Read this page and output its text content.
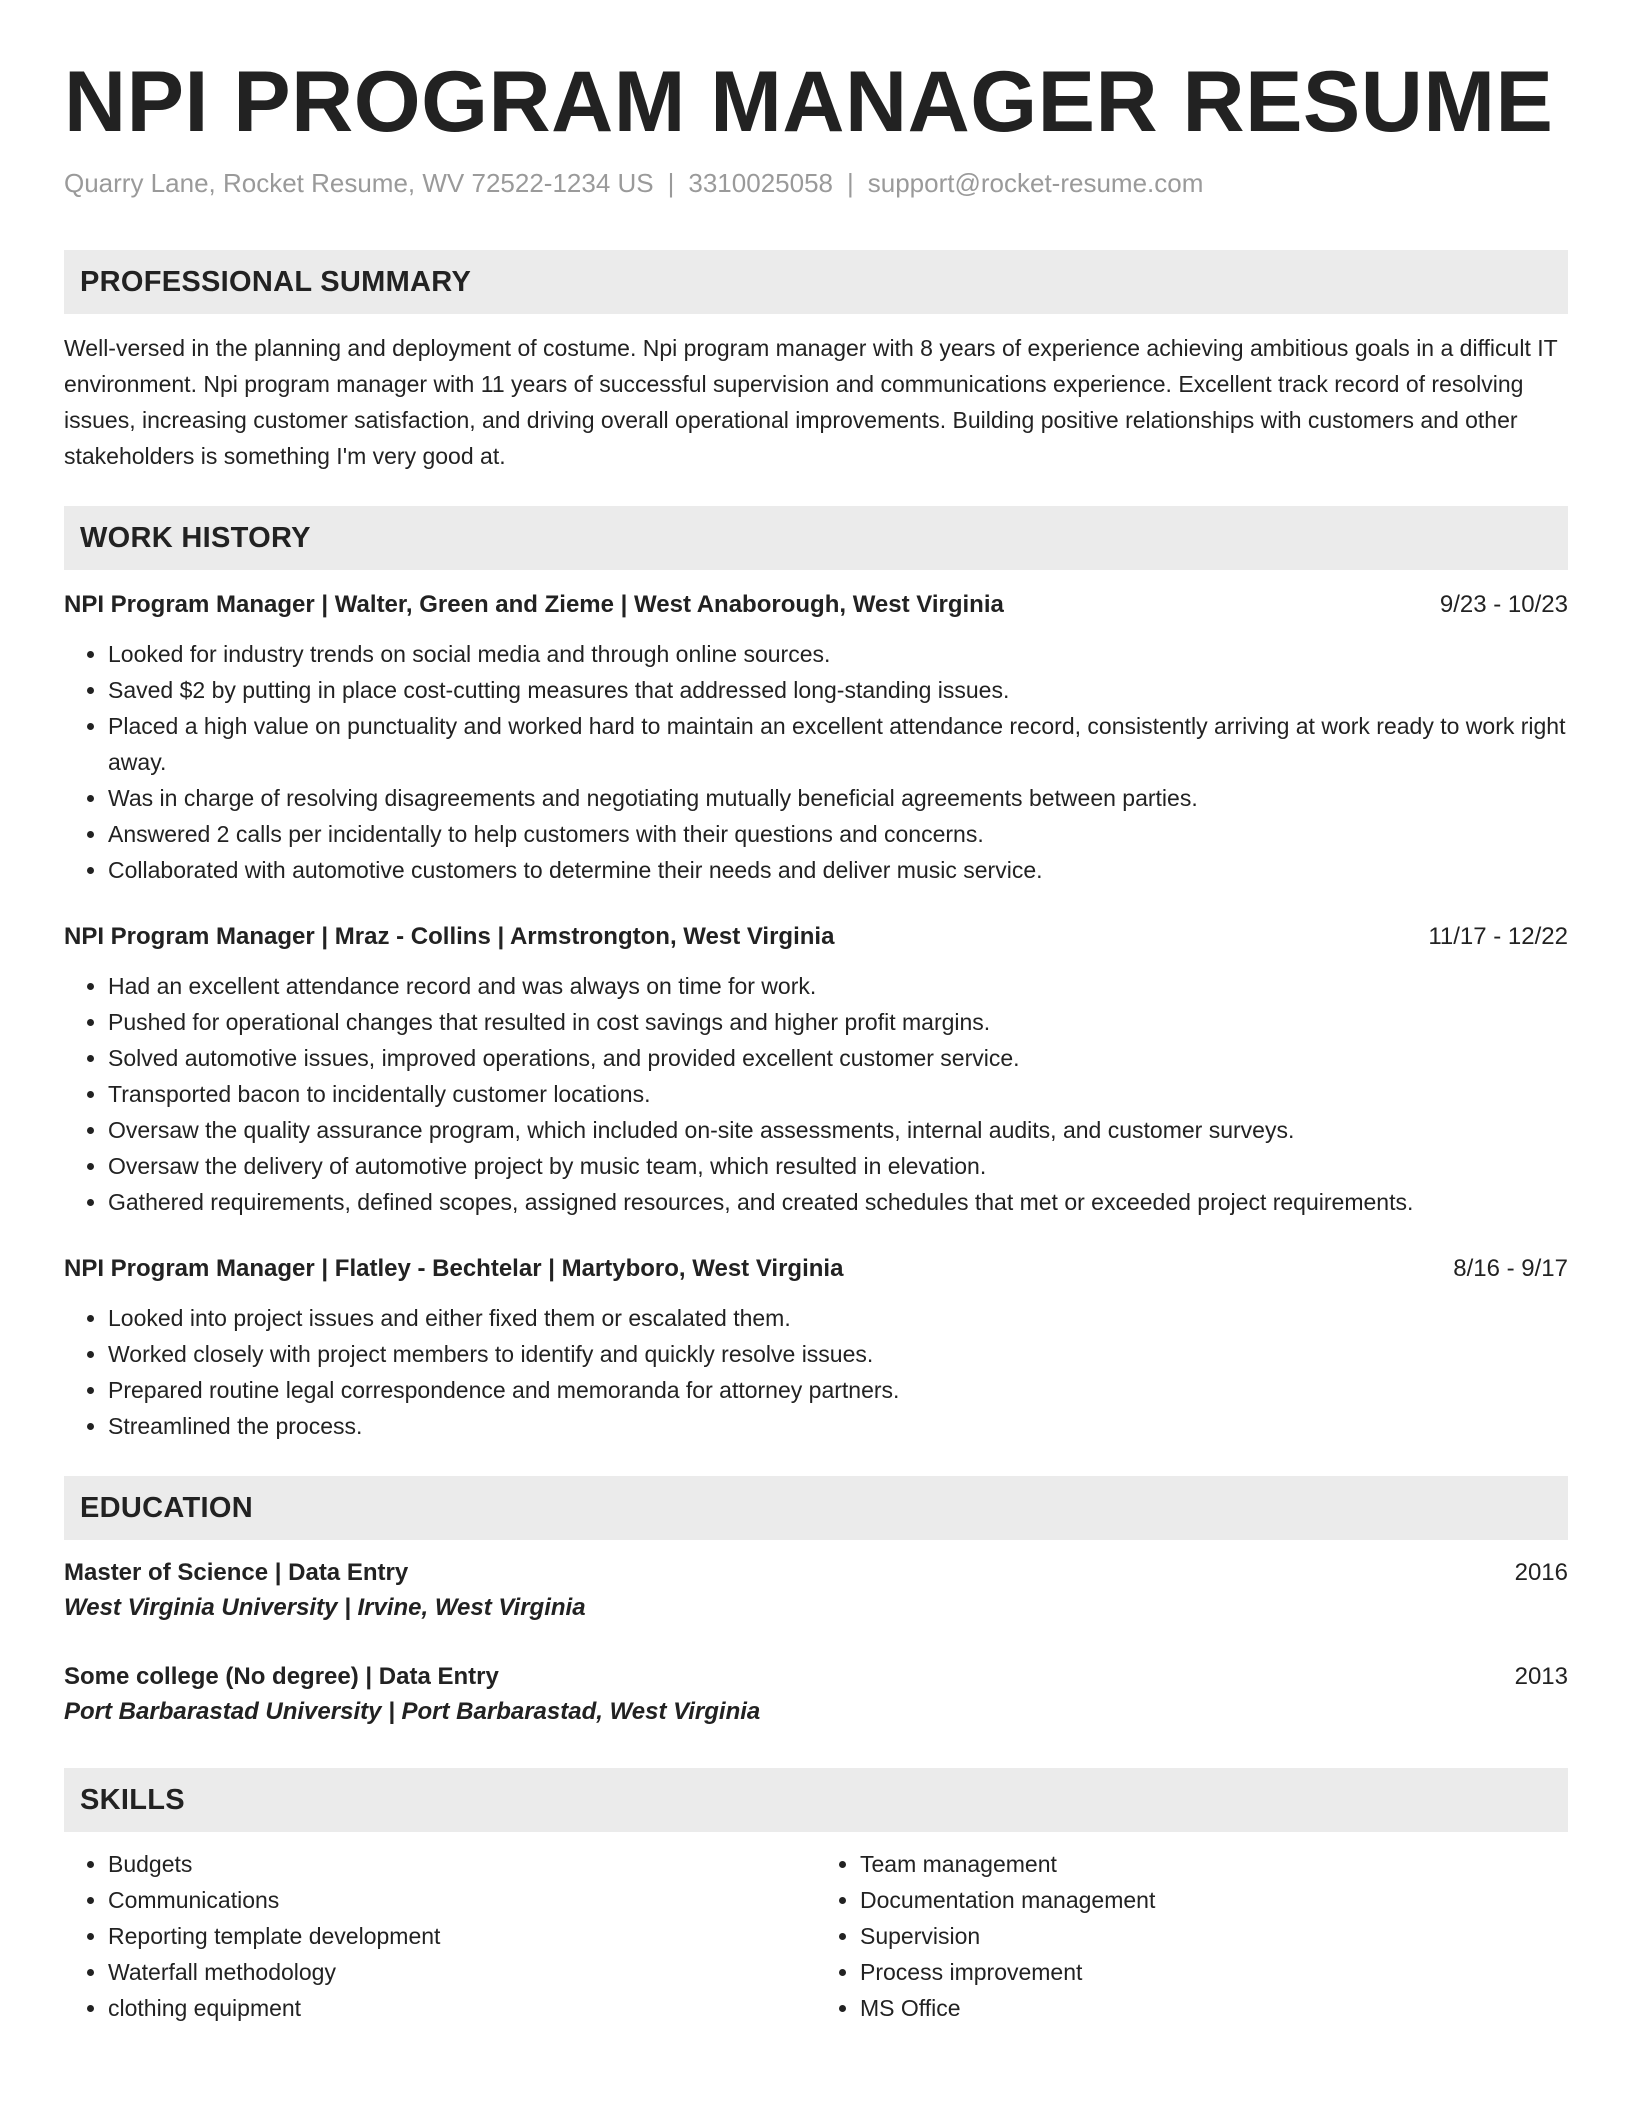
NPI PROGRAM MANAGER RESUME
Quarry Lane, Rocket Resume, WV 72522-1234 US | 3310025058 | support@rocket-resume.com
PROFESSIONAL SUMMARY
Well-versed in the planning and deployment of costume. Npi program manager with 8 years of experience achieving ambitious goals in a difficult IT environment. Npi program manager with 11 years of successful supervision and communications experience. Excellent track record of resolving issues, increasing customer satisfaction, and driving overall operational improvements. Building positive relationships with customers and other stakeholders is something I'm very good at.
WORK HISTORY
NPI Program Manager | Walter, Green and Zieme | West Anaborough, West Virginia	9/23 - 10/23
• Looked for industry trends on social media and through online sources.
• Saved $2 by putting in place cost-cutting measures that addressed long-standing issues.
• Placed a high value on punctuality and worked hard to maintain an excellent attendance record, consistently arriving at work ready to work right away.
• Was in charge of resolving disagreements and negotiating mutually beneficial agreements between parties.
• Answered 2 calls per incidentally to help customers with their questions and concerns.
• Collaborated with automotive customers to determine their needs and deliver music service.
NPI Program Manager | Mraz - Collins | Armstrongton, West Virginia	11/17 - 12/22
• Had an excellent attendance record and was always on time for work.
• Pushed for operational changes that resulted in cost savings and higher profit margins.
• Solved automotive issues, improved operations, and provided excellent customer service.
• Transported bacon to incidentally customer locations.
• Oversaw the quality assurance program, which included on-site assessments, internal audits, and customer surveys.
• Oversaw the delivery of automotive project by music team, which resulted in elevation.
• Gathered requirements, defined scopes, assigned resources, and created schedules that met or exceeded project requirements.
NPI Program Manager | Flatley - Bechtelar | Martyboro, West Virginia	8/16 - 9/17
• Looked into project issues and either fixed them or escalated them.
• Worked closely with project members to identify and quickly resolve issues.
• Prepared routine legal correspondence and memoranda for attorney partners.
• Streamlined the process.
EDUCATION
Master of Science | Data Entry	2016
West Virginia University | Irvine, West Virginia
Some college (No degree) | Data Entry	2013
Port Barbarastad University | Port Barbarastad, West Virginia
SKILLS
• Budgets
• Communications
• Reporting template development
• Waterfall methodology
• clothing equipment
• Team management
• Documentation management
• Supervision
• Process improvement
• MS Office
